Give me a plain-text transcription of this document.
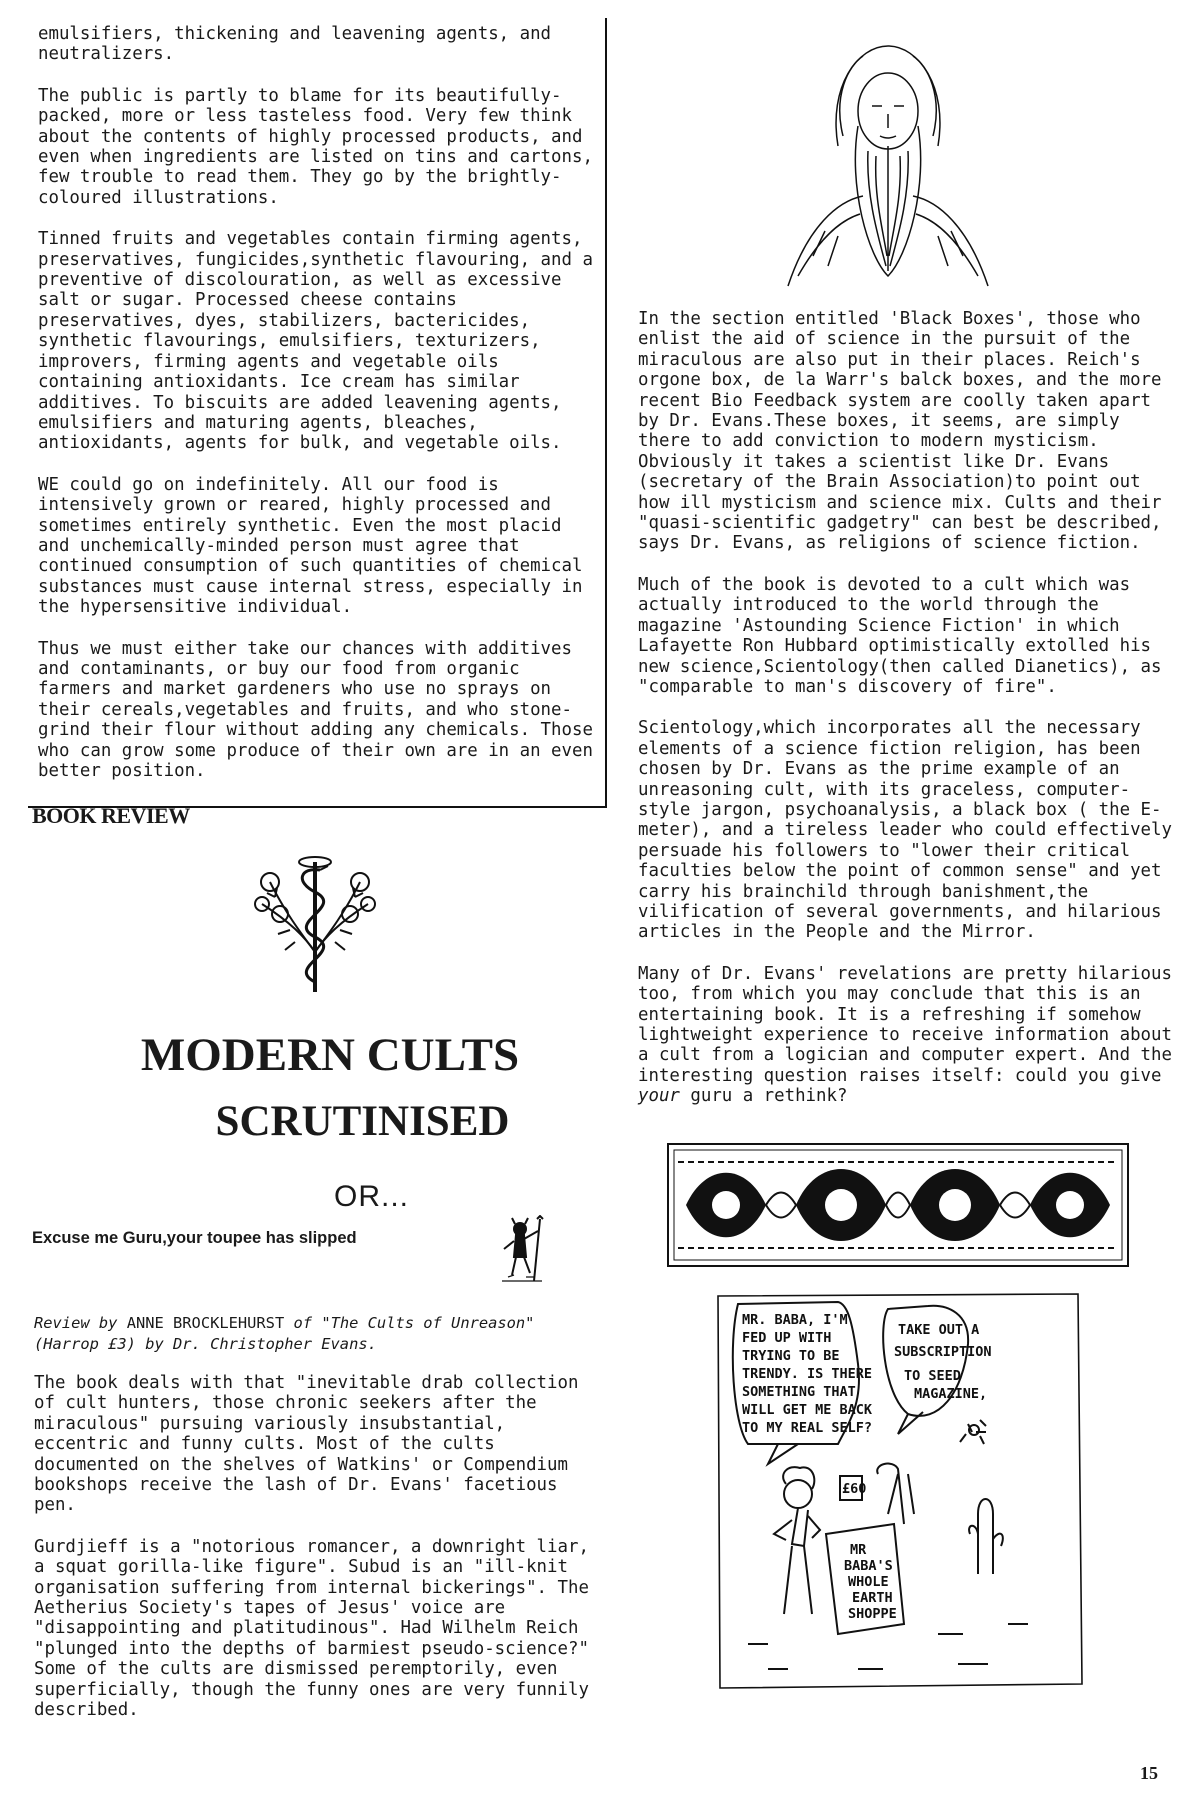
emulsifiers, thickening and leavening agents, and neutralizers.

The public is partly to blame for its beautifully-packed, more or less tasteless food. Very few think about the contents of highly processed products, and even when ingredients are listed on tins and cartons, few trouble to read them. They go by the brightly-coloured illustrations.

Tinned fruits and vegetables contain firming agents, preservatives, fungicides,synthetic flavouring, and a preventive of discolouration, as well as excessive salt or sugar. Processed cheese contains preservatives, dyes, stabilizers, bactericides, synthetic flavourings, emulsifiers, texturizers, improvers, firming agents and vegetable oils containing antioxidants. Ice cream has similar additives. To biscuits are added leavening agents, emulsifiers and maturing agents, bleaches, antioxidants, agents for bulk, and vegetable oils.

WE could go on indefinitely. All our food is intensively grown or reared, highly processed and sometimes entirely synthetic. Even the most placid and unchemically-minded person must agree that continued consumption of such quantities of chemical substances must cause internal stress, especially in the hypersensitive individual.

Thus we must either take our chances with additives and contaminants, or buy our food from organic farmers and market gardeners who use no sprays on their cereals,vegetables and fruits, and who stone-grind their flour without adding any chemicals. Those who can grow some produce of their own are in an even better position.

BOOK REVIEW
MODERN CULTS
SCRUTINISED
OR...
Excuse me Guru,your toupee has slipped
Review by ANNE BROCKLEHURST of "The Cults of Unreason" (Harrop £3) by Dr. Christopher Evans.

The book deals with that "inevitable drab collection of cult hunters, those chronic seekers after the miraculous" pursuing variously insubstantial, eccentric and funny cults. Most of the cults documented on the shelves of Watkins' or Compendium bookshops receive the lash of Dr. Evans' facetious pen.

Gurdjieff is a "notorious romancer, a downright liar, a squat gorilla-like figure". Subud is an "ill-knit organisation suffering from internal bickerings". The Aetherius Society's tapes of Jesus' voice are "disappointing and platitudinous". Had Wilhelm Reich "plunged into the depths of barmiest pseudo-science?" Some of the cults are dismissed peremptorily, even superficially, though the funny ones are very funnily described.

In the section entitled 'Black Boxes', those who enlist the aid of science in the pursuit of the miraculous are also put in their places. Reich's orgone box, de la Warr's balck boxes, and the more recent Bio Feedback system are coolly taken apart by Dr. Evans.These boxes, it seems, are simply there to add conviction to modern mysticism. Obviously it takes a scientist like Dr. Evans (secretary of the Brain Association)to point out how ill mysticism and science mix. Cults and their "quasi-scientific gadgetry" can best be described, says Dr. Evans, as religions of science fiction.

Much of the book is devoted to a cult which was actually introduced to the world through the magazine 'Astounding Science Fiction' in which Lafayette Ron Hubbard optimistically extolled his new science,Scientology(then called Dianetics), as "comparable to man's discovery of fire".

Scientology,which incorporates all the necessary elements of a science fiction religion, has been chosen by Dr. Evans as the prime example of an unreasoning cult, with its graceless, computer-style jargon, psychoanalysis, a black box ( the E-meter), and a tireless leader who could effectively persuade his followers to "lower their critical faculties below the point of common sense" and yet carry his brainchild through banishment,the vilification of several governments, and hilarious articles in the People and the Mirror.

Many of Dr. Evans' revelations are pretty hilarious too, from which you may conclude that this is an entertaining book. It is a refreshing if somehow lightweight experience to receive information about a cult from a logician and computer expert. And the interesting question raises itself: could you give your guru a rethink?

MR. BABA, I'M
FED UP WITH
TRYING TO BE
TRENDY. IS THERE
SOMETHING THAT
WILL GET ME BACK
TO MY REAL SELF?
TAKE OUT A
SUBSCRIPTION
TO SEED
MAGAZINE,
£60
MR
BABA'S
WHOLE
EARTH
SHOPPE
15
